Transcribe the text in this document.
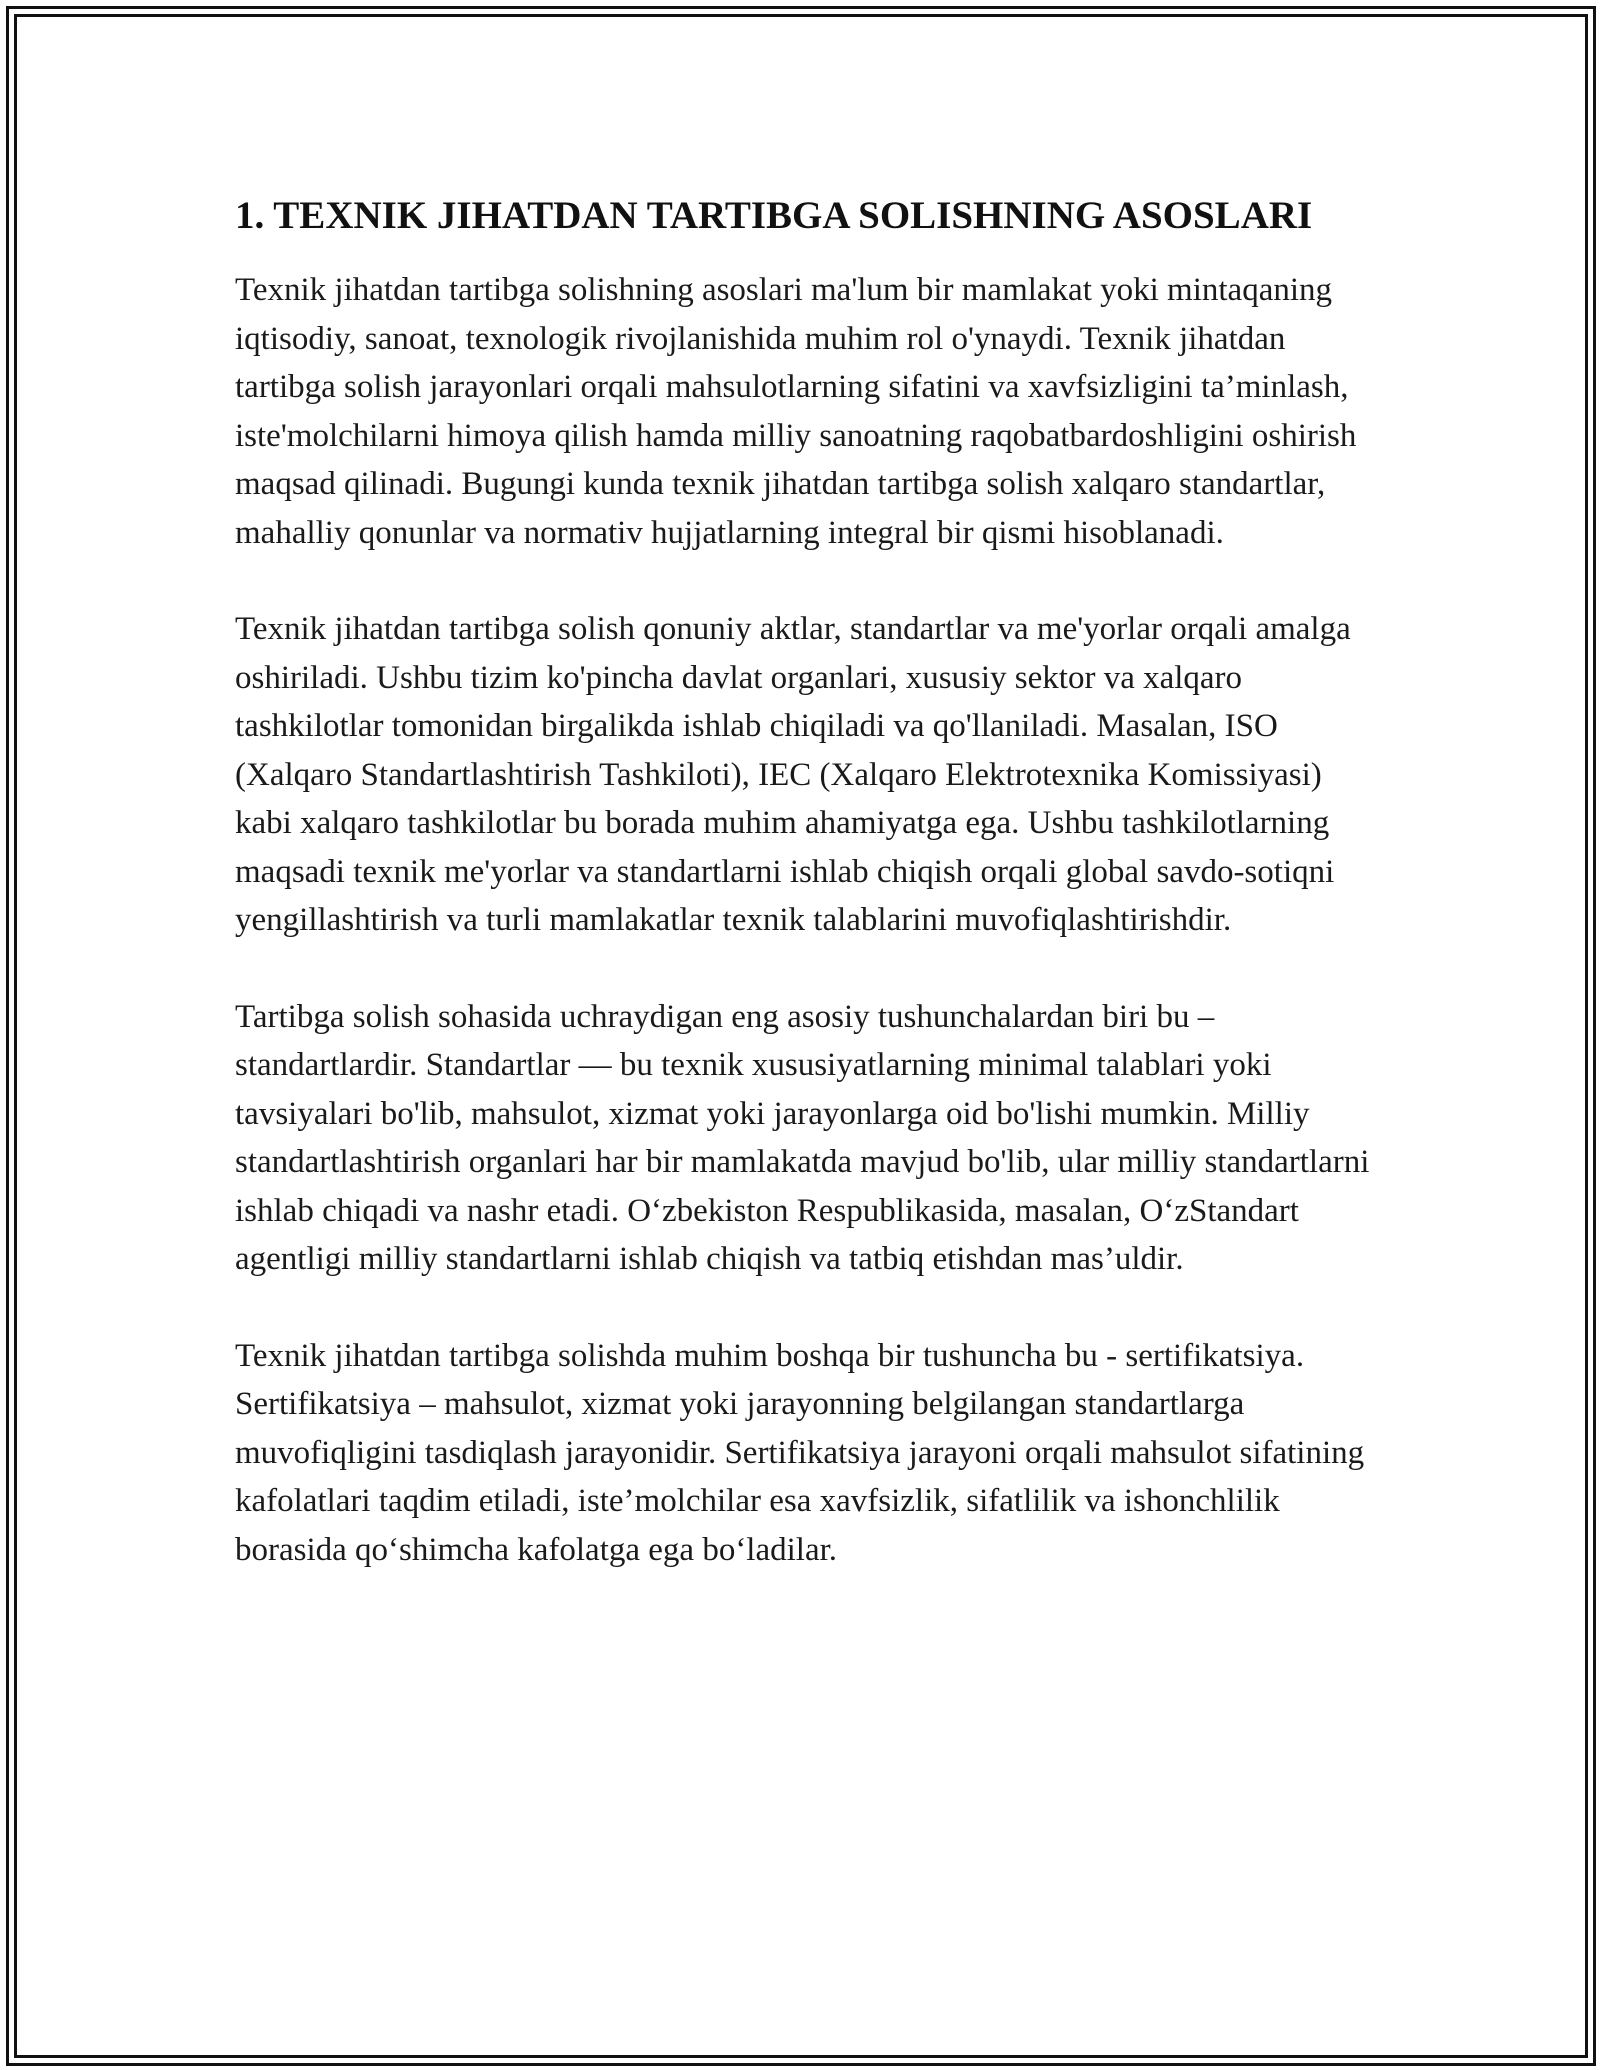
1. TEXNIK JIHATDAN TARTIBGA SOLISHNING ASOSLARI

Texnik jihatdan tartibga solishning asoslari ma'lum bir mamlakat yoki mintaqaning iqtisodiy, sanoat, texnologik rivojlanishida muhim rol o'ynaydi. Texnik jihatdan tartibga solish jarayonlari orqali mahsulotlarning sifatini va xavfsizligini ta’minlash, iste'molchilarni himoya qilish hamda milliy sanoatning raqobatbardoshligini oshirish maqsad qilinadi. Bugungi kunda texnik jihatdan tartibga solish xalqaro standartlar, mahalliy qonunlar va normativ hujjatlarning integral bir qismi hisoblanadi.

Texnik jihatdan tartibga solish qonuniy aktlar, standartlar va me'yorlar orqali amalga oshiriladi. Ushbu tizim ko'pincha davlat organlari, xususiy sektor va xalqaro tashkilotlar tomonidan birgalikda ishlab chiqiladi va qo'llaniladi. Masalan, ISO (Xalqaro Standartlashtirish Tashkiloti), IEC (Xalqaro Elektrotexnika Komissiyasi) kabi xalqaro tashkilotlar bu borada muhim ahamiyatga ega. Ushbu tashkilotlarning maqsadi texnik me'yorlar va standartlarni ishlab chiqish orqali global savdo-sotiqni yengillashtirish va turli mamlakatlar texnik talablarini muvofiqlashtirishdir.

Tartibga solish sohasida uchraydigan eng asosiy tushunchalardan biri bu – standartlardir. Standartlar — bu texnik xususiyatlarning minimal talablari yoki tavsiyalari bo'lib, mahsulot, xizmat yoki jarayonlarga oid bo'lishi mumkin. Milliy standartlashtirish organlari har bir mamlakatda mavjud bo'lib, ular milliy standartlarni ishlab chiqadi va nashr etadi. O‘zbekiston Respublikasida, masalan, O‘zStandart agentligi milliy standartlarni ishlab chiqish va tatbiq etishdan mas’uldir.

Texnik jihatdan tartibga solishda muhim boshqa bir tushuncha bu - sertifikatsiya. Sertifikatsiya – mahsulot, xizmat yoki jarayonning belgilangan standartlarga muvofiqligini tasdiqlash jarayonidir. Sertifikatsiya jarayoni orqali mahsulot sifatining kafolatlari taqdim etiladi, iste’molchilar esa xavfsizlik, sifatlilik va ishonchlilik borasida qo‘shimcha kafolatga ega bo‘ladilar.
